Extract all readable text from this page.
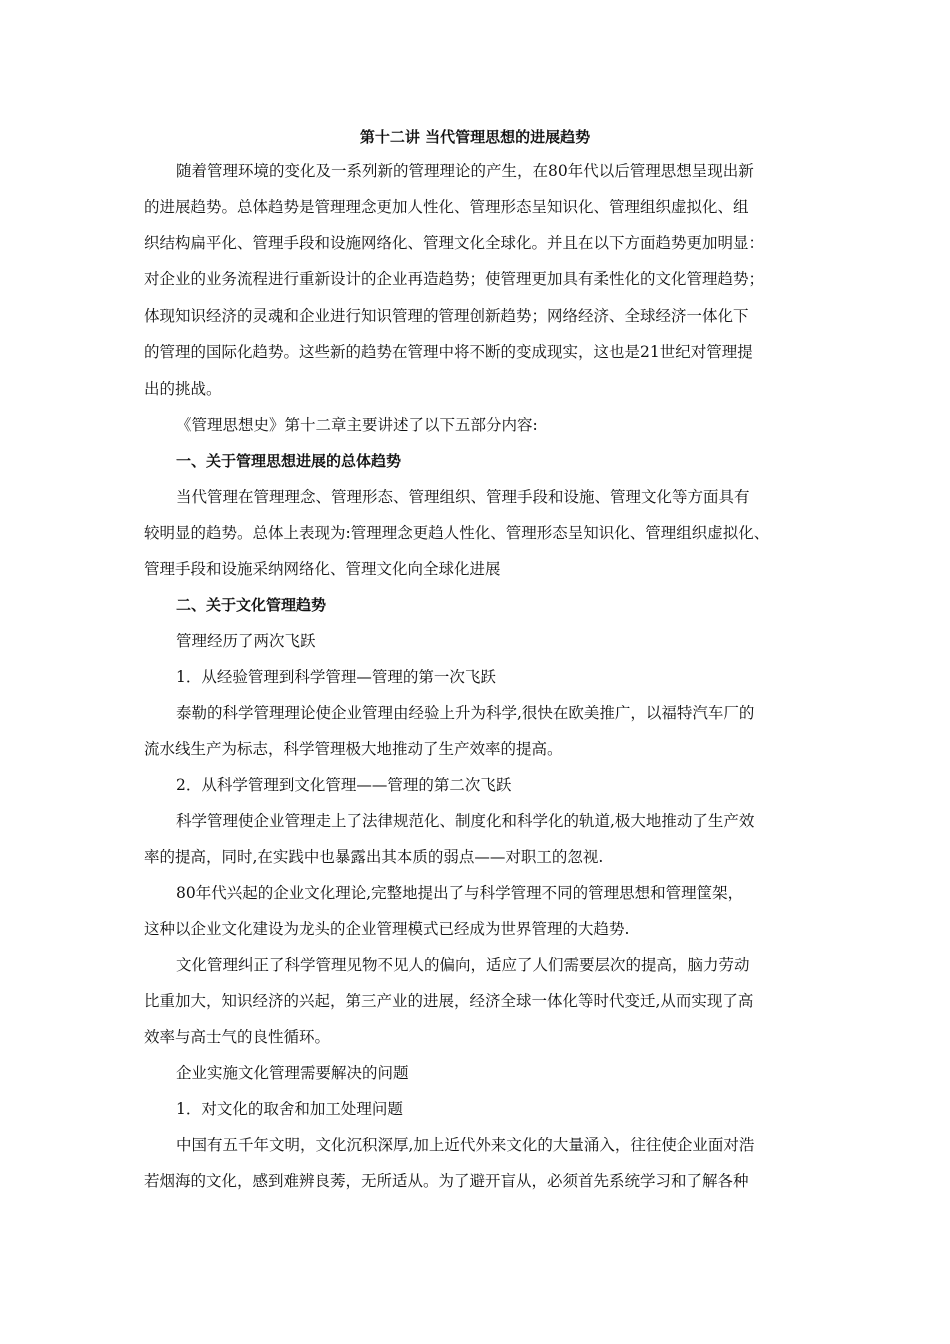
第十二讲 当代管理思想的进展趋势
随着管理环境的变化及一系列新的管理理论的产生，在80年代以后管理思想呈现出新
的进展趋势。总体趋势是管理理念更加人性化、管理形态呈知识化、管理组织虚拟化、组
织结构扁平化、管理手段和设施网络化、管理文化全球化。并且在以下方面趋势更加明显：
对企业的业务流程进行重新设计的企业再造趋势；使管理更加具有柔性化的文化管理趋势；
体现知识经济的灵魂和企业进行知识管理的管理创新趋势；网络经济、全球经济一体化下
的管理的国际化趋势。这些新的趋势在管理中将不断的变成现实，这也是21世纪对管理提
出的挑战。
《管理思想史》第十二章主要讲述了以下五部分内容:
一、关于管理思想进展的总体趋势
当代管理在管理理念、管理形态、管理组织、管理手段和设施、管理文化等方面具有
较明显的趋势。总体上表现为:管理理念更趋人性化、管理形态呈知识化、管理组织虚拟化、
管理手段和设施采纳网络化、管理文化向全球化进展
二、关于文化管理趋势
管理经历了两次飞跃
1．从经验管理到科学管理—管理的第一次飞跃
泰勒的科学管理理论使企业管理由经验上升为科学,很快在欧美推广，以福特汽车厂的
流水线生产为标志，科学管理极大地推动了生产效率的提高。
2．从科学管理到文化管理——管理的第二次飞跃
科学管理使企业管理走上了法律规范化、制度化和科学化的轨道,极大地推动了生产效
率的提高，同时,在实践中也暴露出其本质的弱点——对职工的忽视.
80年代兴起的企业文化理论,完整地提出了与科学管理不同的管理思想和管理筐架，
这种以企业文化建设为龙头的企业管理模式已经成为世界管理的大趋势.
文化管理纠正了科学管理见物不见人的偏向，适应了人们需要层次的提高，脑力劳动
比重加大，知识经济的兴起，第三产业的进展，经济全球一体化等时代变迁,从而实现了高
效率与高士气的良性循环。
企业实施文化管理需要解决的问题
1．对文化的取舍和加工处理问题
中国有五千年文明，文化沉积深厚,加上近代外来文化的大量涌入，往往使企业面对浩
若烟海的文化，感到难辨良莠，无所适从。为了避开盲从，必须首先系统学习和了解各种
